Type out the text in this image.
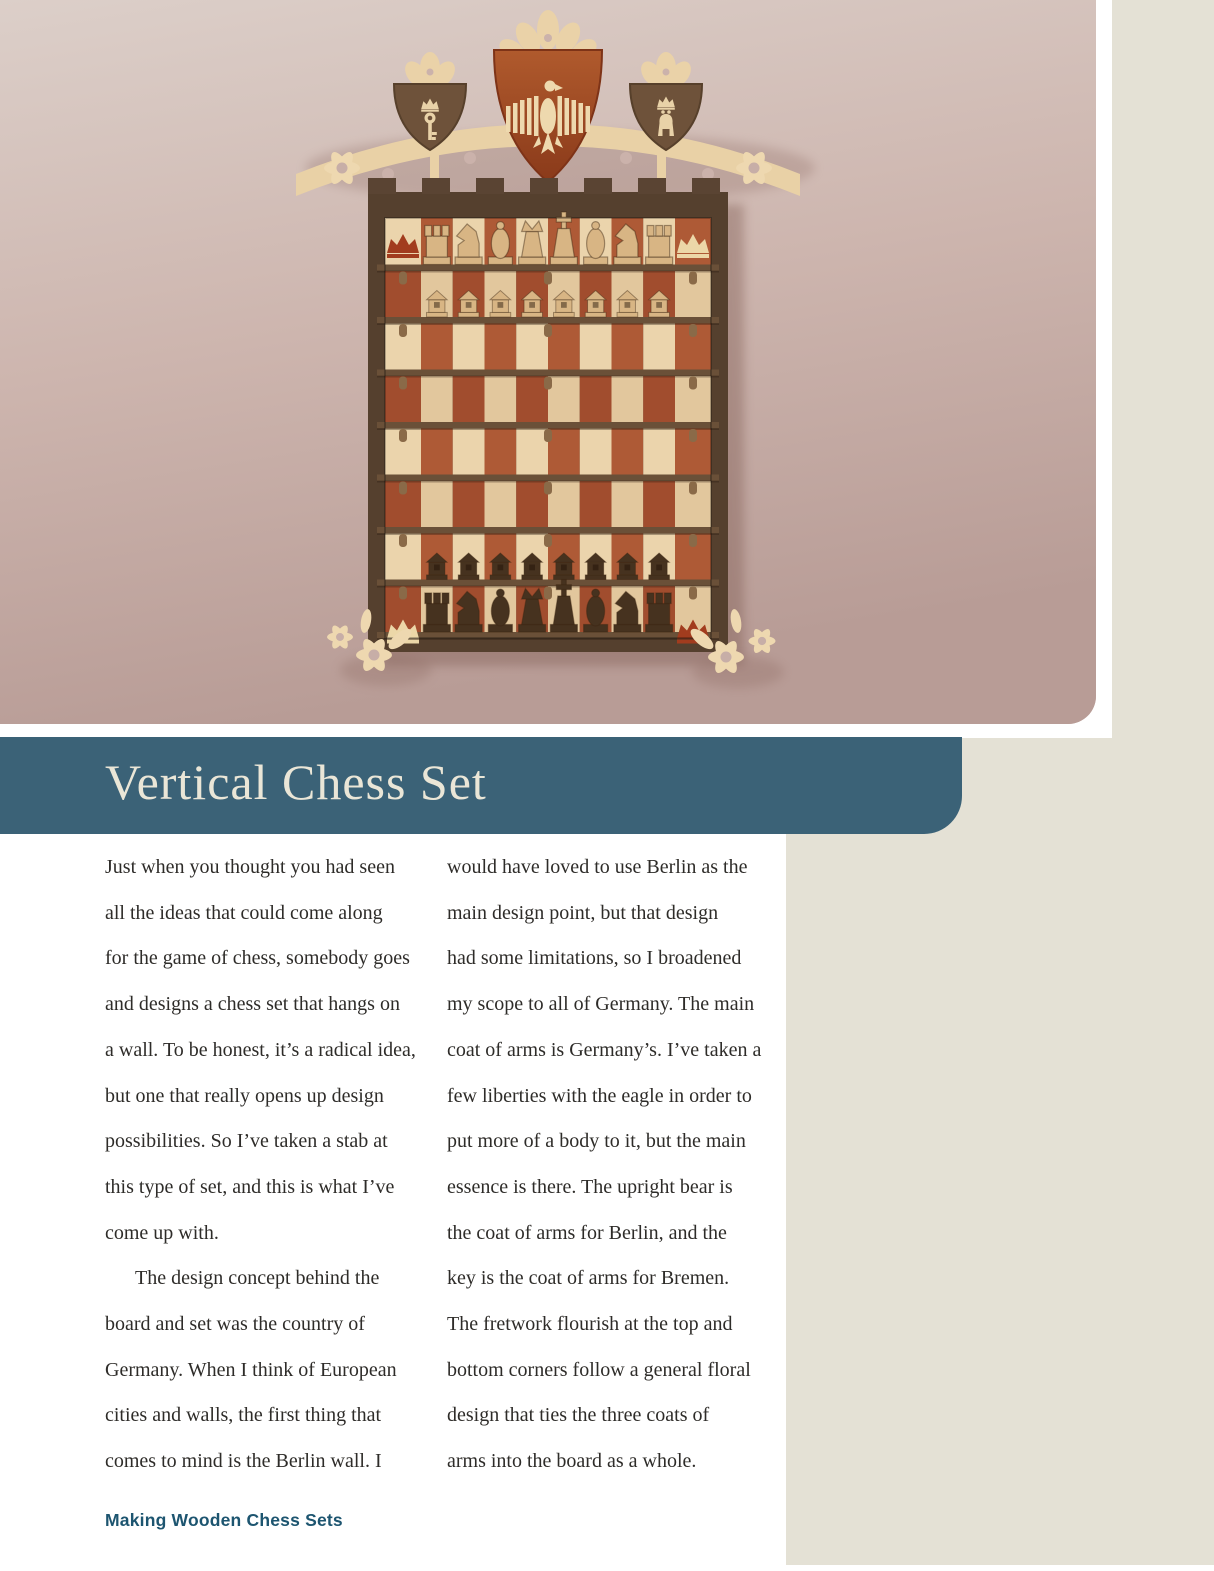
Vertical Chess Set
Just when you thought you had seen
all the ideas that could come along
for the game of chess, somebody goes
and designs a chess set that hangs on
a wall. To be honest, it’s a radical idea,
but one that really opens up design
possibilities. So I’ve taken a stab at
this type of set, and this is what I’ve
come up with.
  The design concept behind the
board and set was the country of
Germany. When I think of European
cities and walls, the first thing that
comes to mind is the Berlin wall. I
would have loved to use Berlin as the
main design point, but that design
had some limitations, so I broadened
my scope to all of Germany. The main
coat of arms is Germany’s. I’ve taken a
few liberties with the eagle in order to
put more of a body to it, but the main
essence is there. The upright bear is
the coat of arms for Berlin, and the
key is the coat of arms for Bremen.
The fretwork flourish at the top and
bottom corners follow a general floral
design that ties the three coats of
arms into the board as a whole.
Making Wooden Chess Sets
